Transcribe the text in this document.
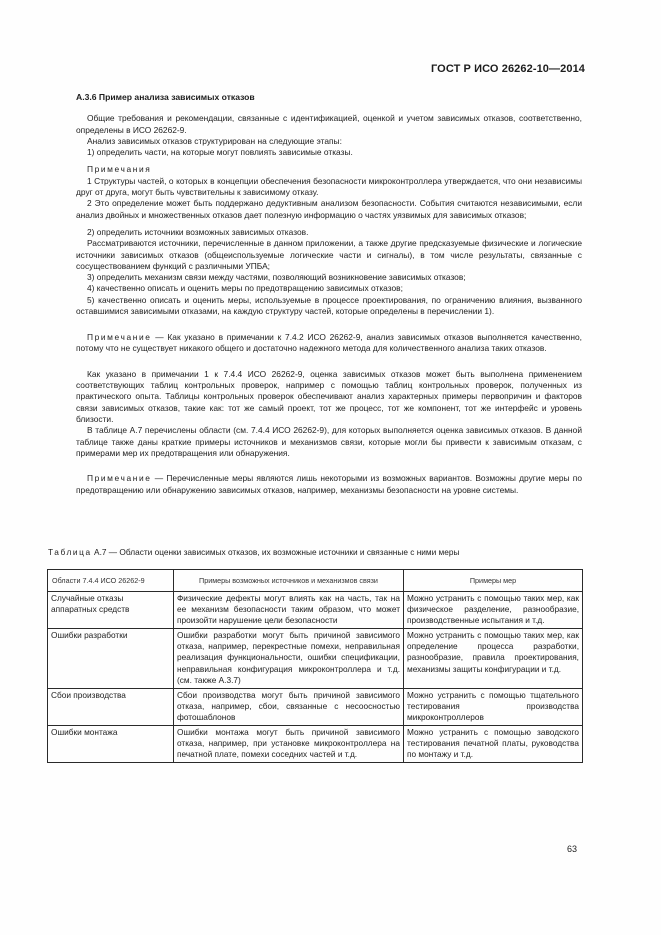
ГОСТ Р ИСО 26262-10—2014
А.3.6 Пример анализа зависимых отказов

Общие требования и рекомендации, связанные с идентификацией, оценкой и учетом зависимых отказов, соответственно, определены в ИСО 26262-9.

Анализ зависимых отказов структурирован на следующие этапы:

1) определить части, на которые могут повлиять зависимые отказы.

Примечания

1 Структуры частей, о которых в концепции обеспечения безопасности микроконтроллера утверждается, что они независимы друг от друга, могут быть чувствительны к зависимому отказу.

2 Это определение может быть поддержано дедуктивным анализом безопасности. События считаются независимыми, если анализ двойных и множественных отказов дает полезную информацию о частях уязвимых для зависимых отказов;

2) определить источники возможных зависимых отказов.

Рассматриваются источники, перечисленные в данном приложении, а также другие предсказуемые физические и логические источники зависимых отказов (общеиспользуемые логические части и сигналы), в том числе результаты, связанные с сосуществованием функций с различными УПБА;

3) определить механизм связи между частями, позволяющий возникновение зависимых отказов;

4) качественно описать и оценить меры по предотвращению зависимых отказов;

5) качественно описать и оценить меры, используемые в процессе проектирования, по ограничению влияния, вызванного оставшимися зависимыми отказами, на каждую структуру частей, которые определены в перечислении 1).

Примечание — Как указано в примечании к 7.4.2 ИСО 26262-9, анализ зависимых отказов выполняется качественно, потому что не существует никакого общего и достаточно надежного метода для количественного анализа таких отказов.

Как указано в примечании 1 к 7.4.4 ИСО 26262-9, оценка зависимых отказов может быть выполнена применением соответствующих таблиц контрольных проверок, например с помощью таблиц контрольных проверок, полученных из практического опыта. Таблицы контрольных проверок обеспечивают анализ характерных примеры первопричин и факторов связи зависимых отказов, такие как: тот же самый проект, тот же процесс, тот же компонент, тот же интерфейс и уровень близости.

В таблице А.7 перечислены области (см. 7.4.4 ИСО 26262-9), для которых выполняется оценка зависимых отказов. В данной таблице также даны краткие примеры источников и механизмов связи, которые могли бы привести к зависимым отказам, с примерами мер их предотвращения или обнаружения.

Примечание — Перечисленные меры являются лишь некоторыми из возможных вариантов. Возможны другие меры по предотвращению или обнаружению зависимых отказов, например, механизмы безопасности на уровне системы.

Таблица А.7 — Области оценки зависимых отказов, их возможные источники и связанные с ними меры
Области 7.4.4 ИСО 26262-9	Примеры возможных источников и механизмов связи	Примеры мер
Случайные отказы аппаратных средств	Физические дефекты могут влиять как на часть, так на ее механизм безопасности таким образом, что может произойти нарушение цели безопасности	Можно устранить с помощью таких мер, как физическое разделение, разнообразие, производственные испытания и т.д.
Ошибки разработки	Ошибки разработки могут быть причиной зависимого отказа, например, перекрестные помехи, неправильная реализация функциональности, ошибки спецификации, неправильная конфигурация микроконтроллера и т.д. (см. также А.3.7)	Можно устранить с помощью таких мер, как определение процесса разработки, разнообразие, правила проектирования, механизмы защиты конфигурации и т.д.
Сбои производства	Сбои производства могут быть причиной зависимого отказа, например, сбои, связанные с несоосностью фотошаблонов	Можно устранить с помощью тщательного тестирования производства микроконтроллеров
Ошибки монтажа	Ошибки монтажа могут быть причиной зависимого отказа, например, при установке микроконтроллера на печатной плате, помехи соседних частей и т.д.	Можно устранить с помощью заводского тестирования печатной платы, руководства по монтажу и т.д.
63
